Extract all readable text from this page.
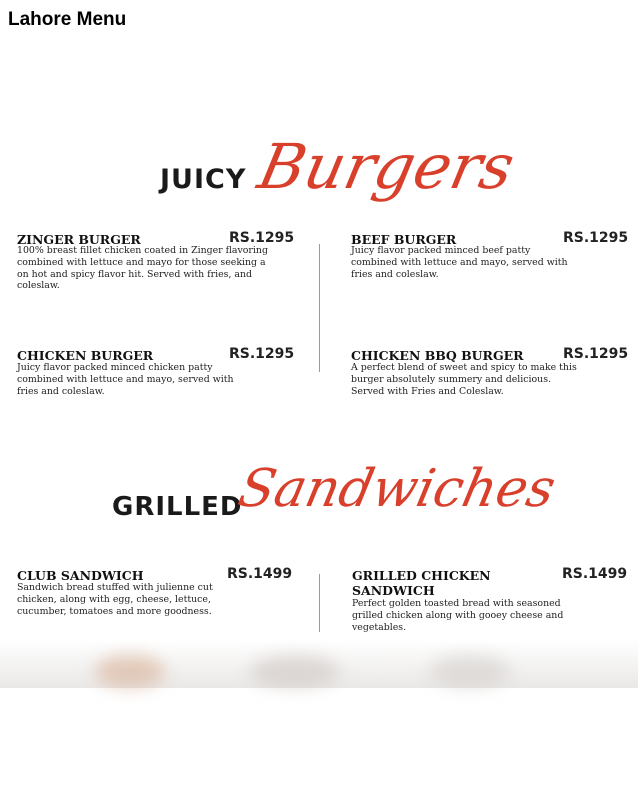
Lahore Menu
JUICY Burgers
ZINGER BURGER	RS.1295
100% breast fillet chicken coated in Zinger flavoring
combined with lettuce and mayo for those seeking a
on hot and spicy flavor hit. Served with fries, and
coleslaw.
BEEF BURGER	RS.1295
Juicy flavor packed minced beef patty
combined with lettuce and mayo, served with
fries and coleslaw.
CHICKEN BURGER	RS.1295
Juicy flavor packed minced chicken patty
combined with lettuce and mayo, served with
fries and coleslaw.
CHICKEN BBQ BURGER	RS.1295
A perfect blend of sweet and spicy to make this
burger absolutely summery and delicious.
Served with Fries and Coleslaw.
GRILLED
Sandwiches
CLUB SANDWICH	RS.1499
Sandwich bread stuffed with julienne cut
chicken, along with egg, cheese, lettuce,
cucumber, tomatoes and more goodness.
GRILLED CHICKEN
SANDWICH
RS.1499
Perfect golden toasted bread with seasoned
grilled chicken along with gooey cheese and
vegetables.
